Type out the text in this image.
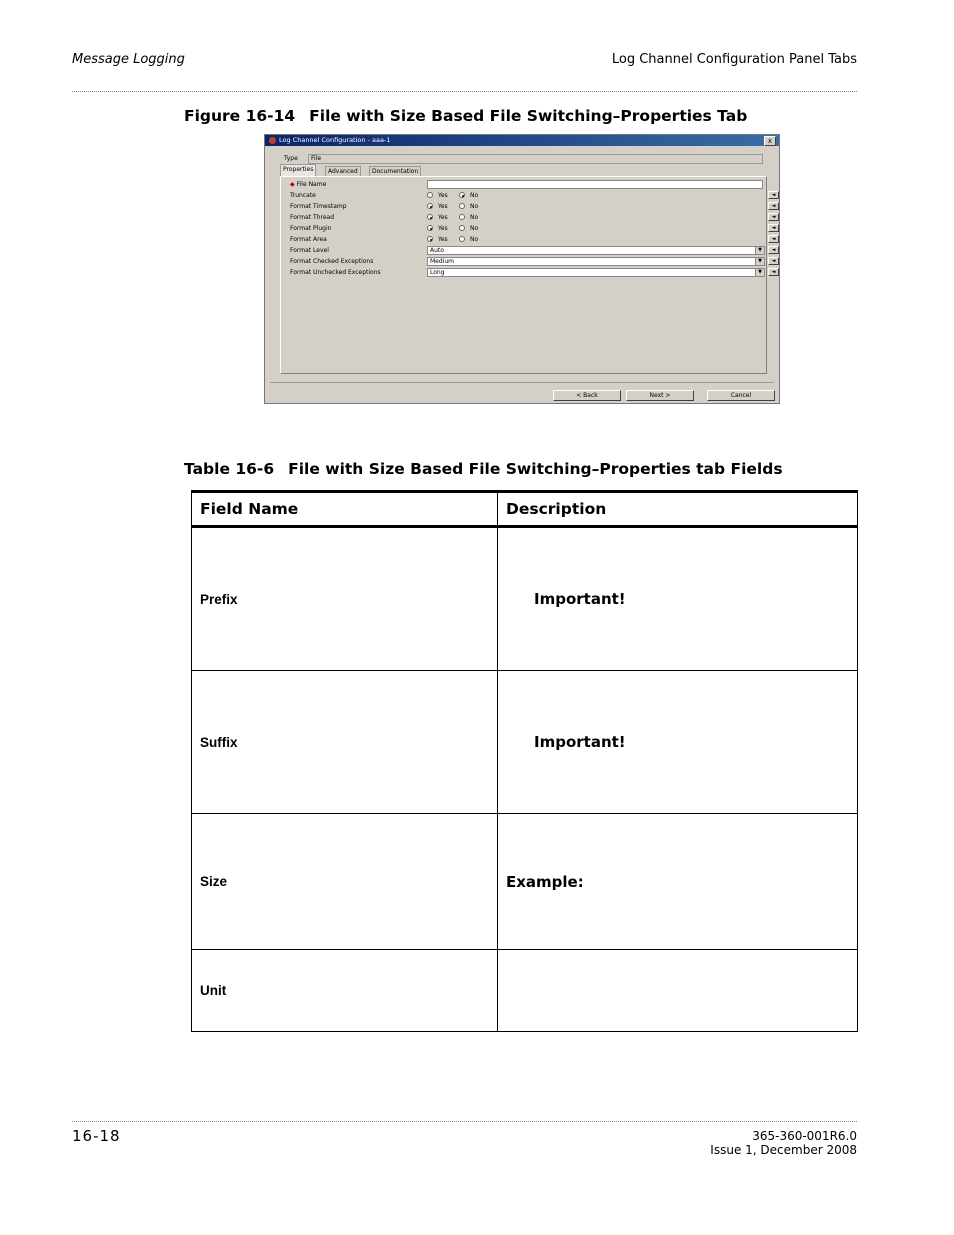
Message Logging	Log Channel Configuration Panel Tabs
Figure 16-14 File with Size Based File Switching–Properties Tab
Log Channel Configuration - aaa-1	x
Type	File
Properties	Advanced	Documentation
◆ File Name
Truncate	Yes	No	◄
Format Timestamp	Yes	No	◄
Format Thread	Yes	No	◄
Format Plugin	Yes	No	◄
Format Area	Yes	No	◄
Format Level	Auto	▼	◄
Format Checked Exceptions	Medium	▼	◄
Format Unchecked Exceptions	Long	▼	◄
< Back	Next >	Cancel
Table 16-6 File with Size Based File Switching–Properties tab Fields
Field Name	Description
Prefix	Important!

Suffix	Important!

Size	Example:
Unit	
16-18	365-360-001R6.0
Issue 1, December 2008
